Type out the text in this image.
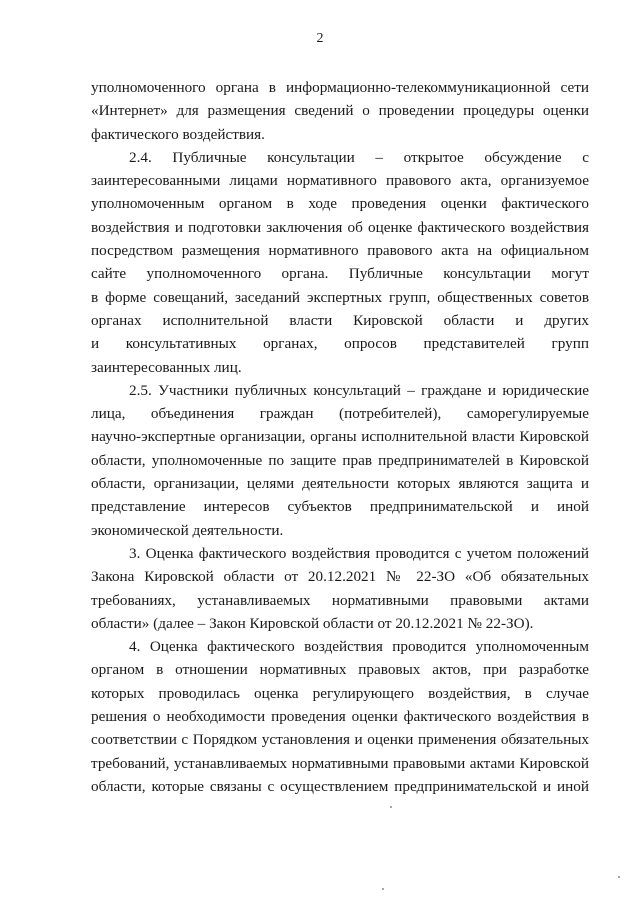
2
уполномоченного органа в информационно-телекоммуникационной сети
«Интернет» для размещения сведений о проведении процедуры оценки
фактического воздействия.
2.4. Публичные консультации – открытое обсуждение с
заинтересованными лицами нормативного правового акта, организуемое
уполномоченным органом в ходе проведения оценки фактического
воздействия и подготовки заключения об оценке фактического воздействия
посредством размещения нормативного правового акта на официальном
сайте уполномоченного органа. Публичные консультации могут
в форме совещаний, заседаний экспертных групп, общественных советов
органах исполнительной власти Кировской области и других
и консультативных органах, опросов представителей групп
заинтересованных лиц.
2.5. Участники публичных консультаций – граждане и юридические
лица, объединения граждан (потребителей), саморегулируемые
научно-экспертные организации, органы исполнительной власти Кировской
области, уполномоченные по защите прав предпринимателей в Кировской
области, организации, целями деятельности которых являются защита и
представление интересов субъектов предпринимательской и иной
экономической деятельности.
3. Оценка фактического воздействия проводится с учетом положений
Закона Кировской области от 20.12.2021 № 22-ЗО «Об обязательных
требованиях, устанавливаемых нормативными правовыми актами
области» (далее – Закон Кировской области от 20.12.2021 № 22-ЗО).
4. Оценка фактического воздействия проводится уполномоченным
органом в отношении нормативных правовых актов, при разработке
которых проводилась оценка регулирующего воздействия, в случае
решения о необходимости проведения оценки фактического воздействия в
соответствии с Порядком установления и оценки применения обязательных
требований, устанавливаемых нормативными правовыми актами Кировской
области, которые связаны с осуществлением предпринимательской и иной
